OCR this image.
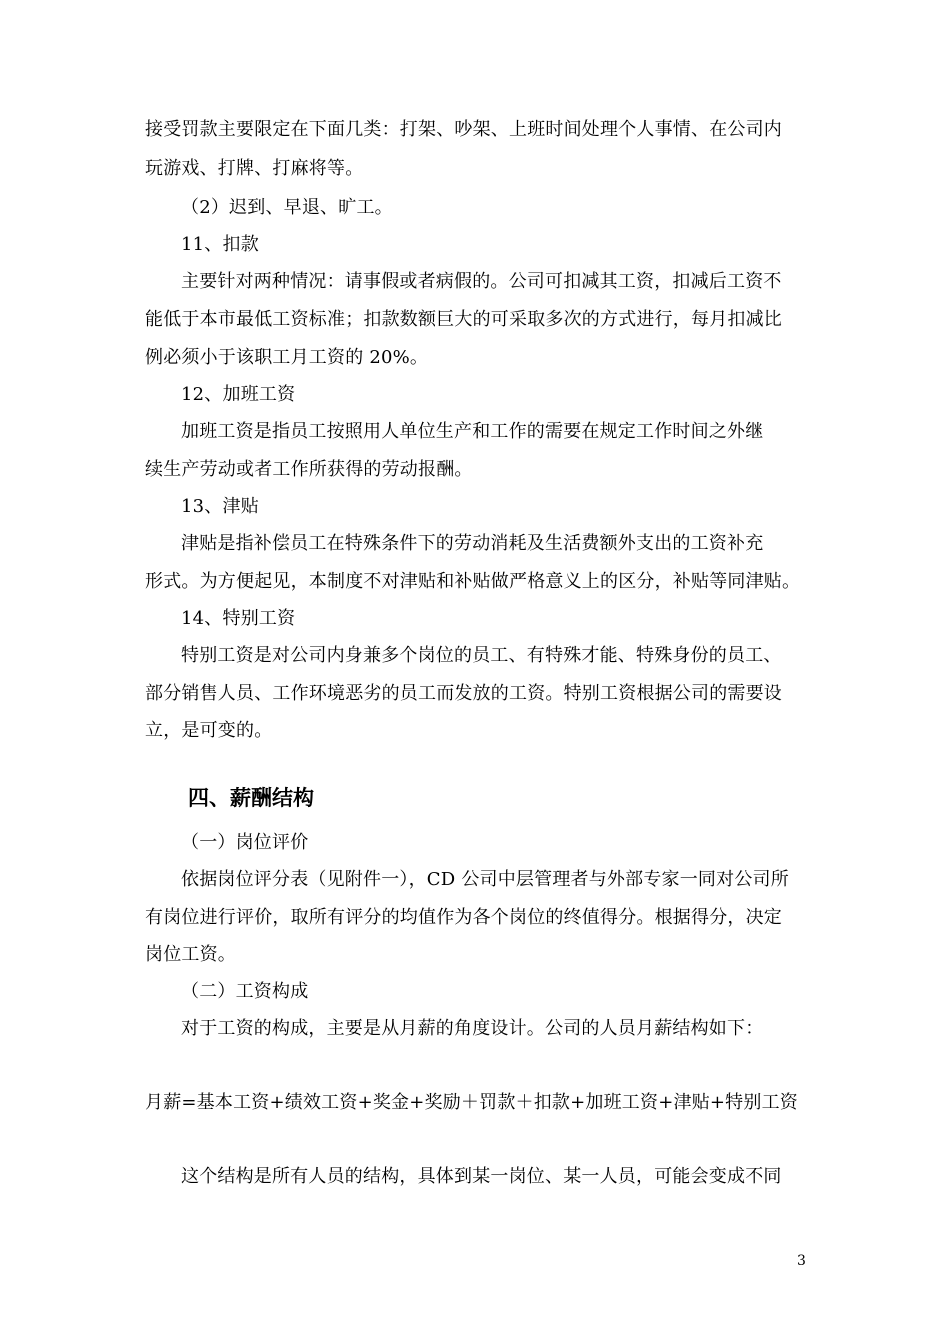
接受罚款主要限定在下面几类：打架、吵架、上班时间处理个人事情、在公司内
玩游戏、打牌、打麻将等。
（2）迟到、早退、旷工。
11、扣款
主要针对两种情况：请事假或者病假的。公司可扣减其工资，扣减后工资不
能低于本市最低工资标准；扣款数额巨大的可采取多次的方式进行，每月扣减比
例必须小于该职工月工资的 20%。
12、加班工资
加班工资是指员工按照用人单位生产和工作的需要在规定工作时间之外继
续生产劳动或者工作所获得的劳动报酬。
13、津贴
津贴是指补偿员工在特殊条件下的劳动消耗及生活费额外支出的工资补充
形式。为方便起见，本制度不对津贴和补贴做严格意义上的区分，补贴等同津贴。
14、特别工资
特别工资是对公司内身兼多个岗位的员工、有特殊才能、特殊身份的员工、
部分销售人员、工作环境恶劣的员工而发放的工资。特别工资根据公司的需要设
立，是可变的。
四、薪酬结构
（一）岗位评价
依据岗位评分表（见附件一），CD 公司中层管理者与外部专家一同对公司所
有岗位进行评价，取所有评分的均值作为各个岗位的终值得分。根据得分，决定
岗位工资。
（二）工资构成
对于工资的构成，主要是从月薪的角度设计。公司的人员月薪结构如下：
月薪=基本工资+绩效工资+奖金+奖励＋罚款＋扣款+加班工资+津贴+特别工资
这个结构是所有人员的结构，具体到某一岗位、某一人员，可能会变成不同
3
